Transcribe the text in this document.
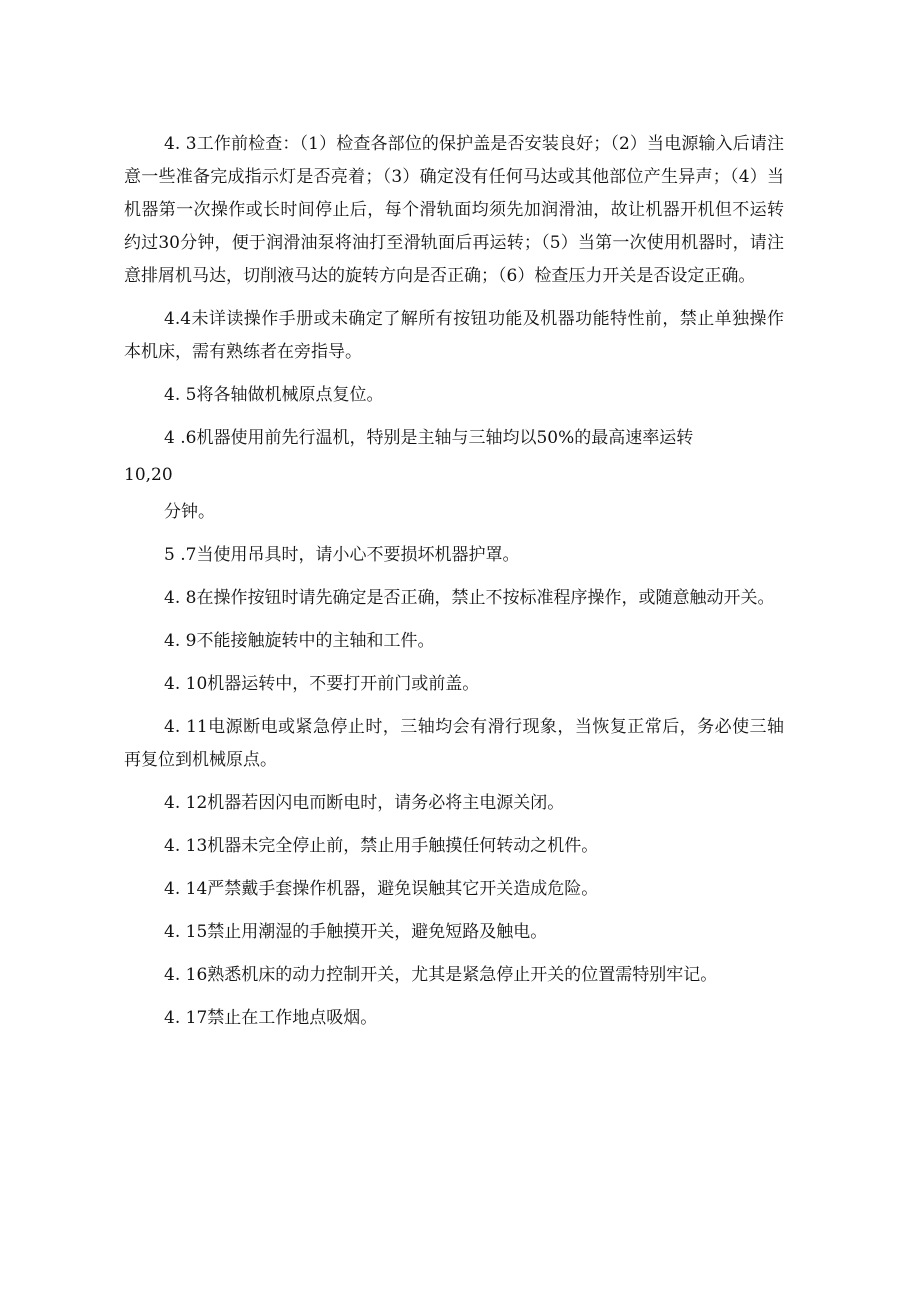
4. 3工作前检查：（1）检查各部位的保护盖是否安装良好；（2）当电源输入后请注意一些准备完成指示灯是否亮着；（3）确定没有任何马达或其他部位产生异声；（4）当机器第一次操作或长时间停止后，每个滑轨面均须先加润滑油，故让机器开机但不运转约过30分钟，便于润滑油泵将油打至滑轨面后再运转；（5）当第一次使用机器时，请注意排屑机马达，切削液马达的旋转方向是否正确；（6）检查压力开关是否设定正确。

4.4未详读操作手册或未确定了解所有按钮功能及机器功能特性前，禁止单独操作本机床，需有熟练者在旁指导。

4. 5将各轴做机械原点复位。

4 .6机器使用前先行温机，特别是主轴与三轴均以50%的最高速率运转

10,20

分钟。

5 .7当使用吊具时，请小心不要损坏机器护罩。

4. 8在操作按钮时请先确定是否正确，禁止不按标准程序操作，或随意触动开关。

4. 9不能接触旋转中的主轴和工件。

4. 10机器运转中，不要打开前门或前盖。

4. 11电源断电或紧急停止时，三轴均会有滑行现象，当恢复正常后，务必使三轴再复位到机械原点。

4. 12机器若因闪电而断电时，请务必将主电源关闭。

4. 13机器未完全停止前，禁止用手触摸任何转动之机件。

4. 14严禁戴手套操作机器，避免误触其它开关造成危险。

4. 15禁止用潮湿的手触摸开关，避免短路及触电。

4. 16熟悉机床的动力控制开关，尤其是紧急停止开关的位置需特别牢记。

4. 17禁止在工作地点吸烟。
